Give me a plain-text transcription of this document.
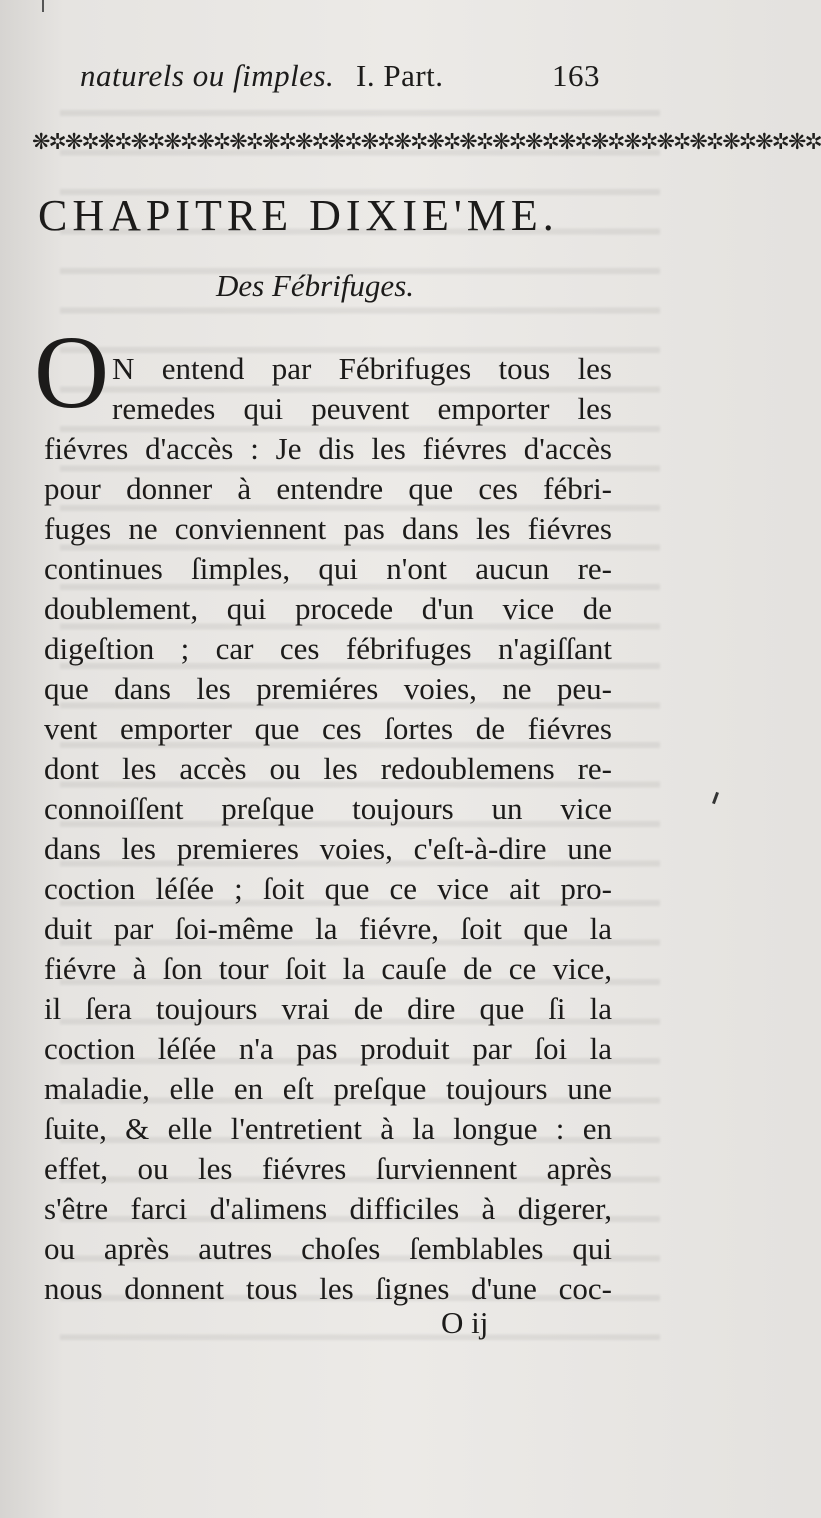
naturels ou ſimples. I. Part.	163
❋✲❋✲❋✲❋✲❋✲❋✲❋✲❋✲❋✲❋✲❋✲❋✲❋✲❋✲❋✲❋✲❋✲❋✲❋✲❋✲❋✲❋✲❋✲❋✲
CHAPITRE DIXIE'ME.
Des Fébrifuges.
O N entend par Fébrifuges tous les
remedes qui peuvent emporter les
fiévres d'accès : Je dis les fiévres d'accès
pour donner à entendre que ces fébri-
fuges ne conviennent pas dans les fiévres
continues ſimples, qui n'ont aucun re-
doublement, qui procede d'un vice de
digeſtion ; car ces fébrifuges n'agiſſant
que dans les premiéres voies, ne peu-
vent emporter que ces ſortes de fiévres
dont les accès ou les redoublemens re-
connoiſſent preſque toujours un vice
dans les premieres voies, c'eſt-à-dire une
coction léſée ; ſoit que ce vice ait pro-
duit par ſoi-même la fiévre, ſoit que la
fiévre à ſon tour ſoit la cauſe de ce vice,
il ſera toujours vrai de dire que ſi la
coction léſée n'a pas produit par ſoi la
maladie, elle en eſt preſque toujours une
ſuite, & elle l'entretient à la longue : en
effet, ou les fiévres ſurviennent après
s'être farci d'alimens difficiles à digerer,
ou après autres choſes ſemblables qui
nous donnent tous les ſignes d'une coc-
O ij
